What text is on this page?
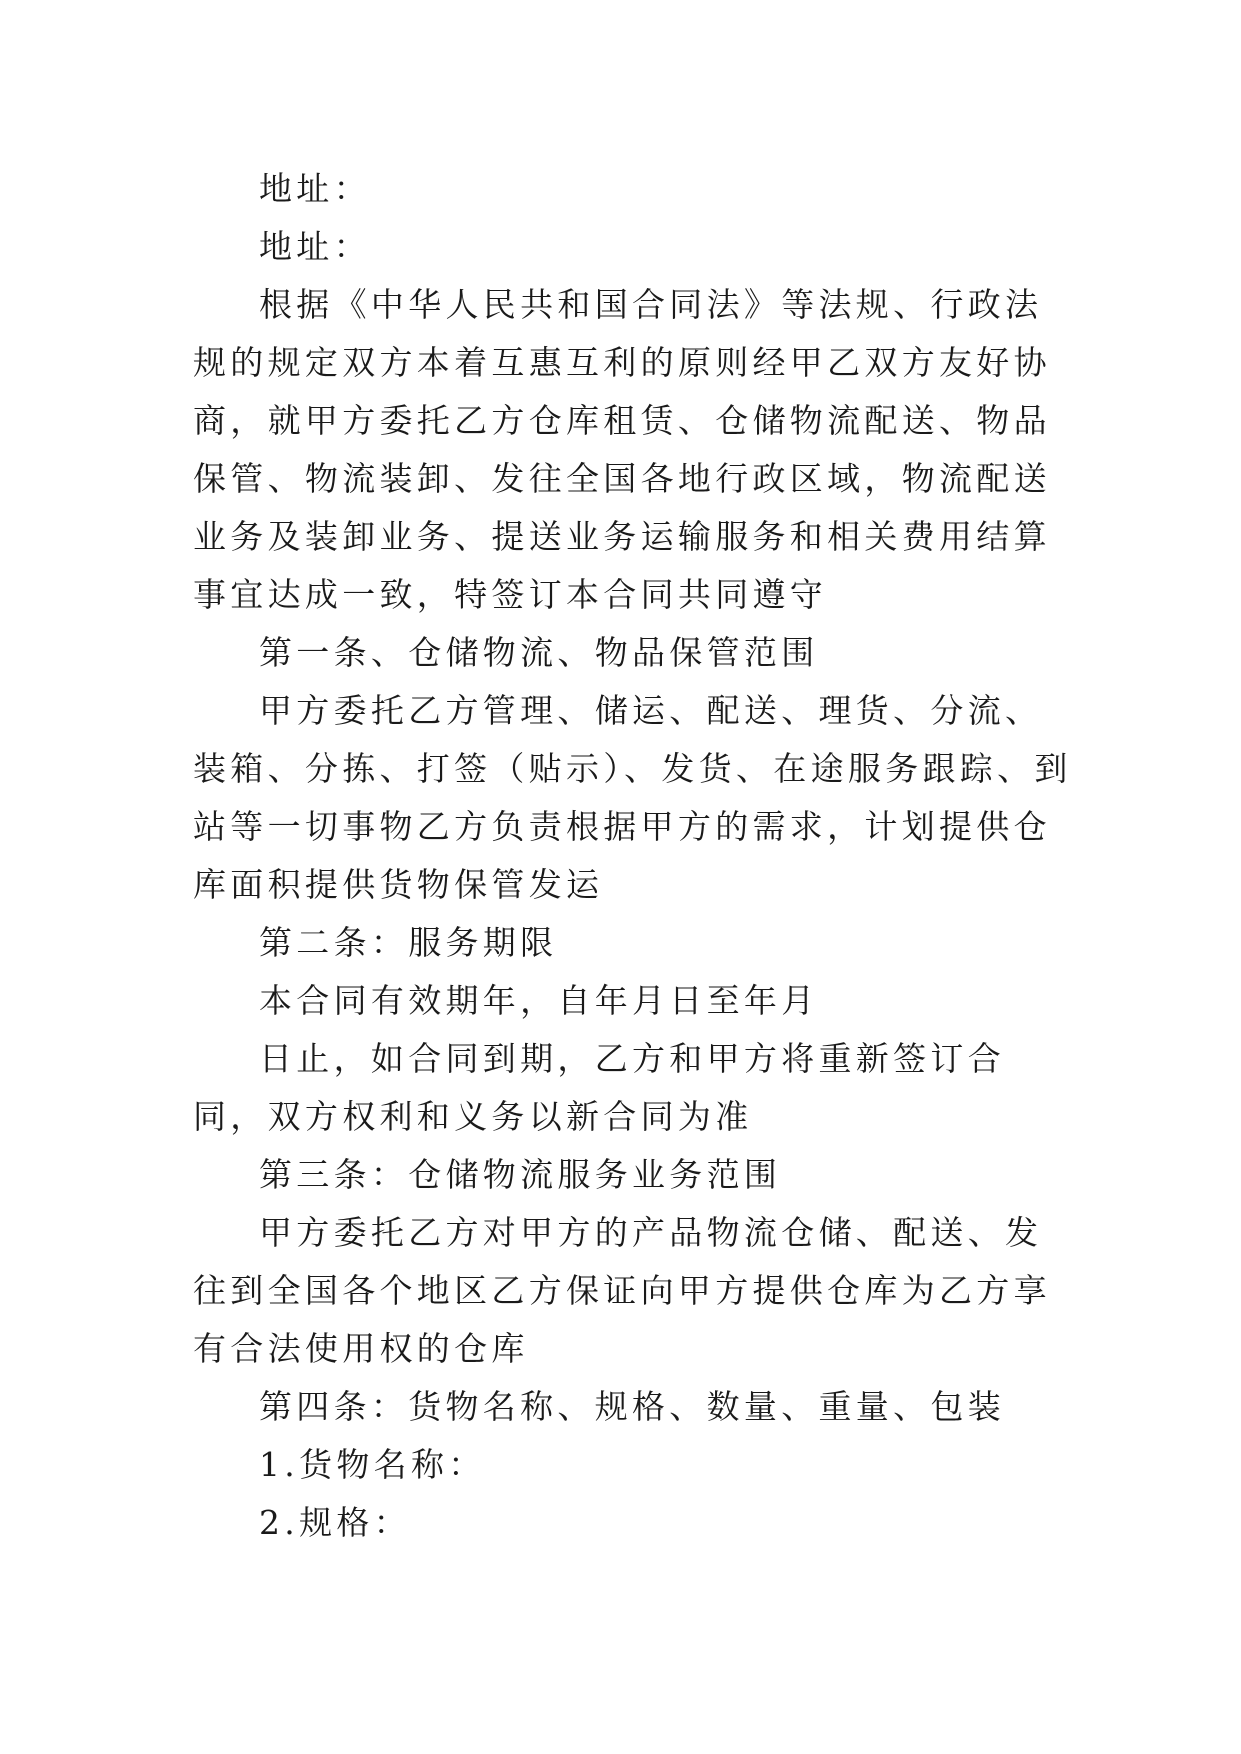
地址：

地址：

根据《中华人民共和国合同法》等法规、行政法规的规定双方本着互惠互利的原则经甲乙双方友好协商，就甲方委托乙方仓库租赁、仓储物流配送、物品保管、物流装卸、发往全国各地行政区域，物流配送业务及装卸业务、提送业务运输服务和相关费用结算事宜达成一致，特签订本合同共同遵守

第一条、仓储物流、物品保管范围

甲方委托乙方管理、储运、配送、理货、分流、装箱、分拣、打签（贴示）、发货、在途服务跟踪、到站等一切事物乙方负责根据甲方的需求，计划提供仓库面积提供货物保管发运

第二条：服务期限

本合同有效期年，自年月日至年月

日止，如合同到期，乙方和甲方将重新签订合同，双方权利和义务以新合同为准

第三条：仓储物流服务业务范围

甲方委托乙方对甲方的产品物流仓储、配送、发往到全国各个地区乙方保证向甲方提供仓库为乙方享有合法使用权的仓库

第四条：货物名称、规格、数量、重量、包装

1.货物名称：

2.规格：
